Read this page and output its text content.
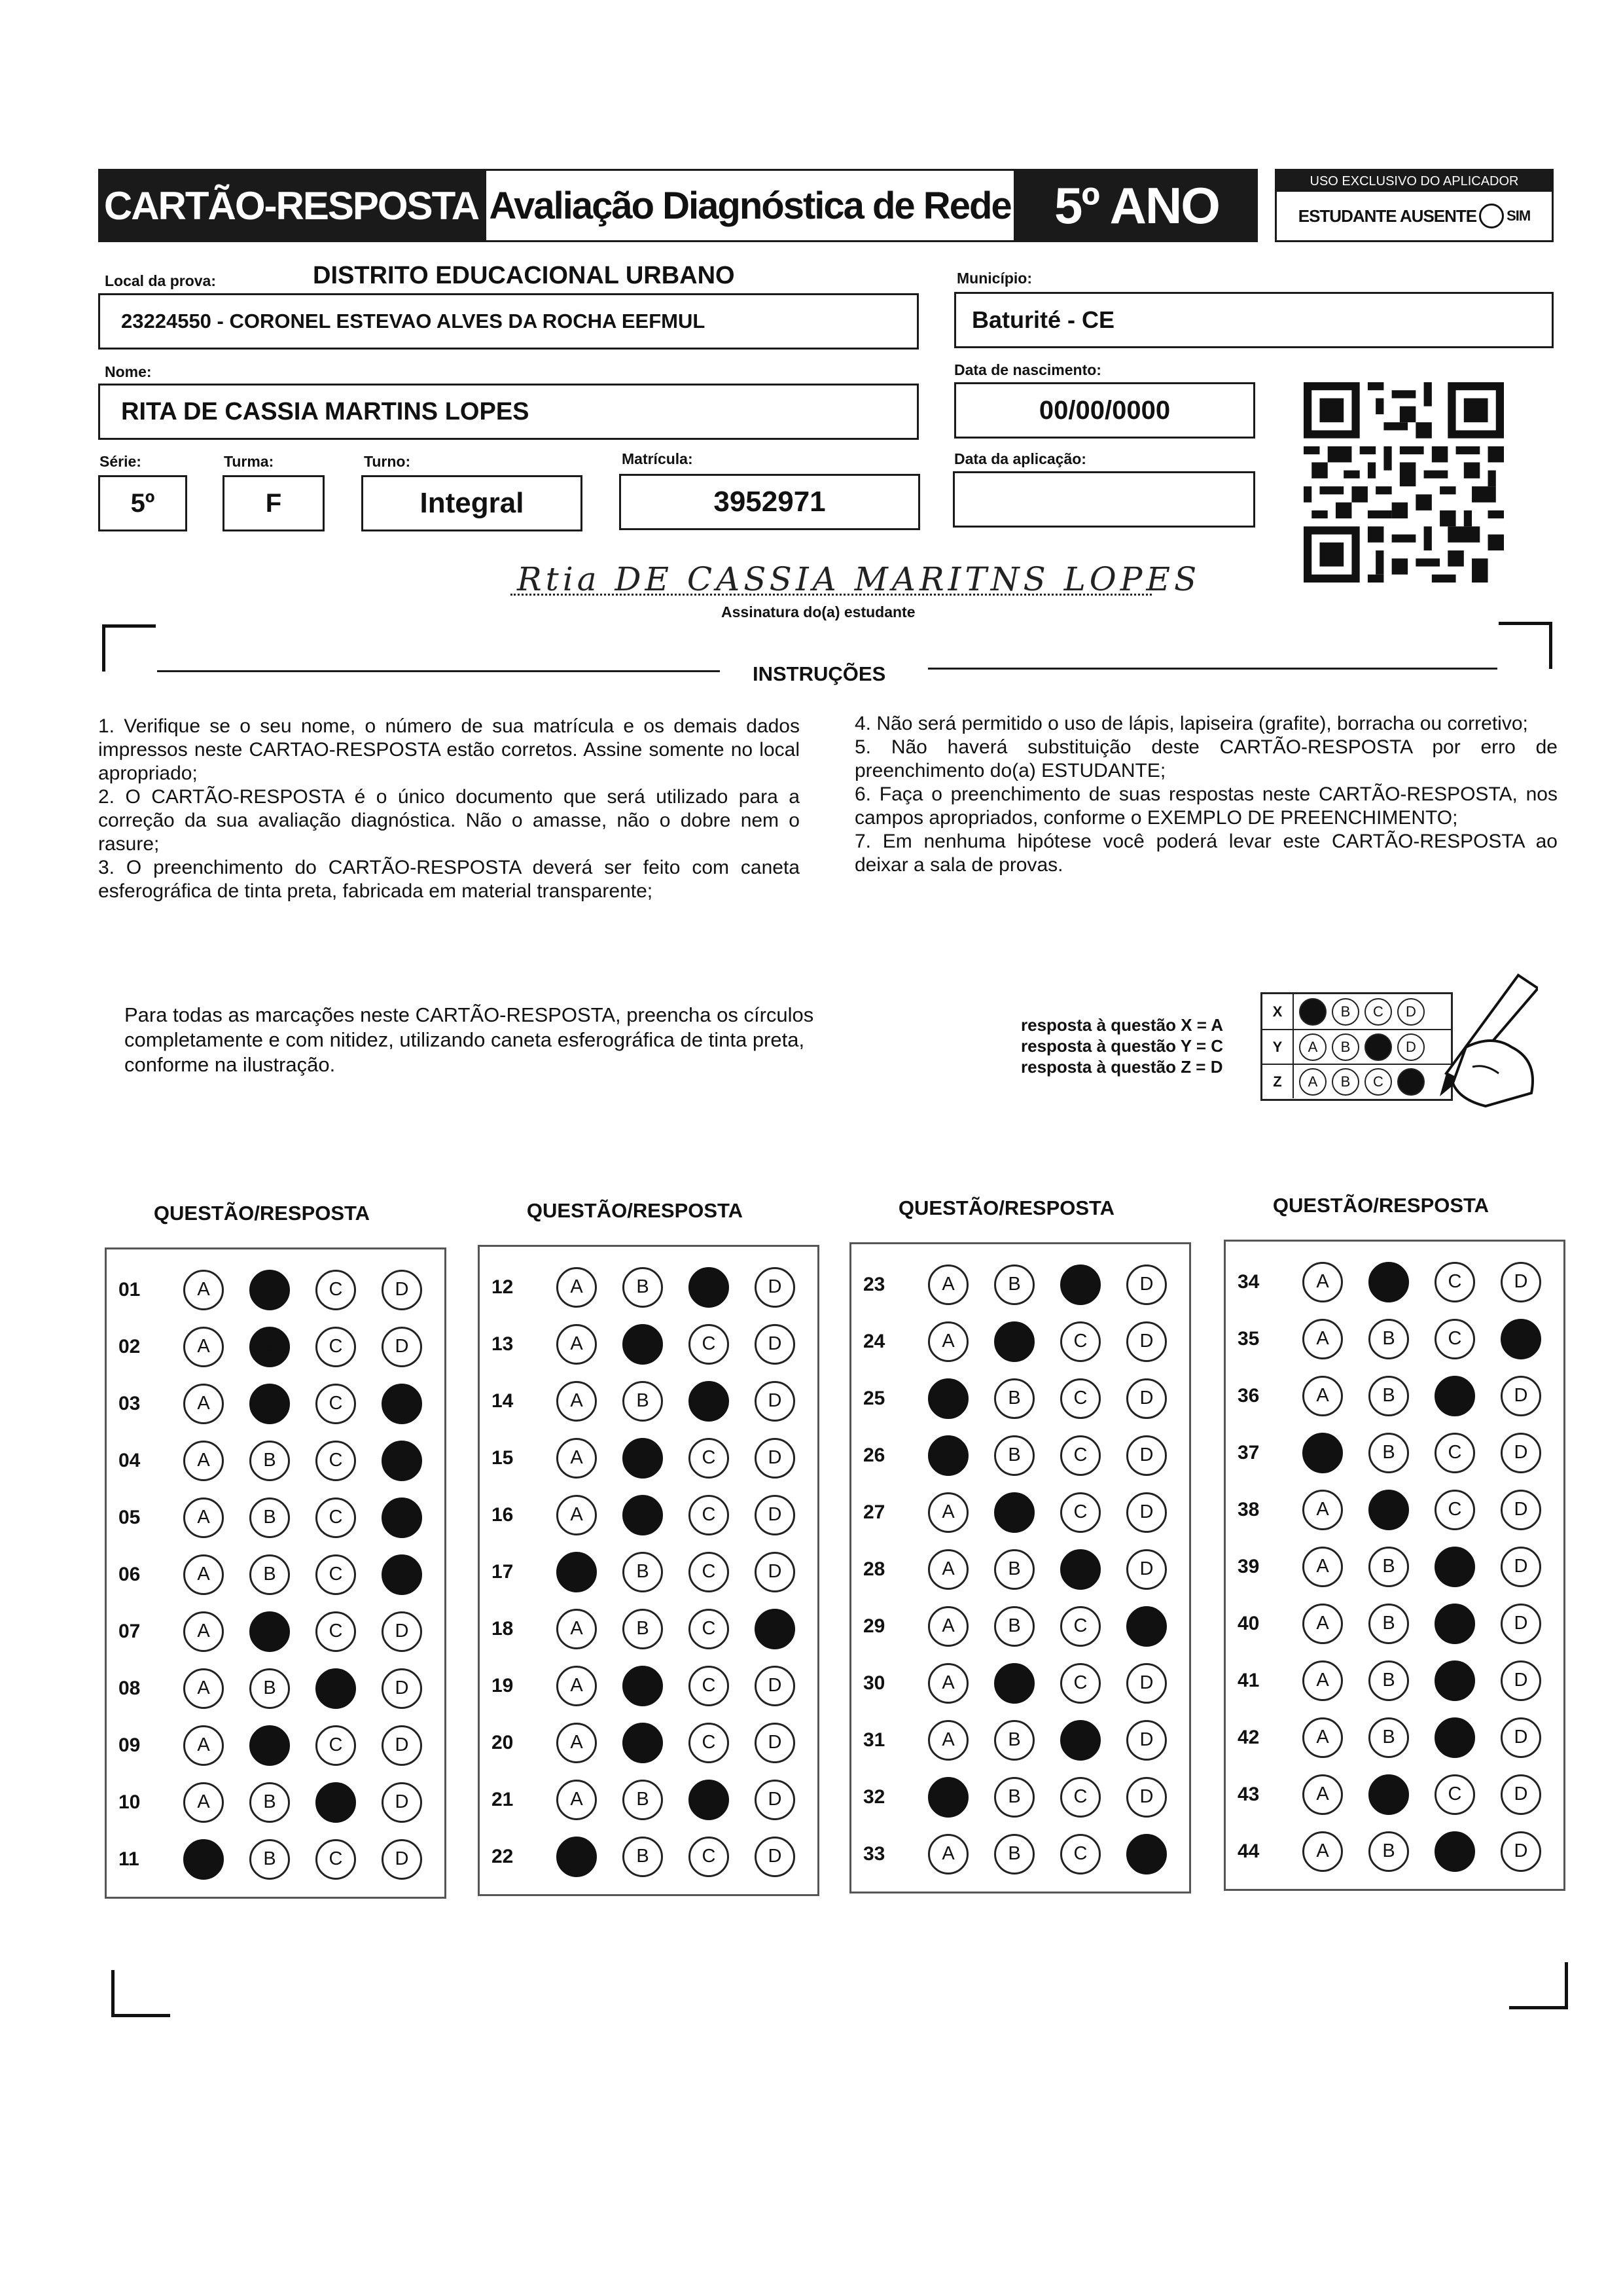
CARTÃO-RESPOSTA Avaliação Diagnóstica de Rede 5º ANO	USO EXCLUSIVO DO APLICADOR
ESTUDANTE AUSENTE SIM
Local da prova:	DISTRITO EDUCACIONAL URBANO
23224550 - CORONEL ESTEVAO ALVES DA ROCHA EEFMUL
Município:
Baturité - CE
Nome:
RITA DE CASSIA MARTINS LOPES
Data de nascimento:
00/00/0000
Série:
5º
Turma:
F
Turno:
Integral
Matrícula:
3952971
Data da aplicação:
Rtia DE CASSIA MARITNS LOPES
Assinatura do(a) estudante
INSTRUÇÕES
1. Verifique se o seu nome, o número de sua matrícula e os demais dados impressos neste CARTAO-RESPOSTA estão corretos. Assine somente no local apropriado;
2. O CARTÃO-RESPOSTA é o único documento que será utilizado para a correção da sua avaliação diagnóstica. Não o amasse, não o dobre nem o rasure;
3. O preenchimento do CARTÃO-RESPOSTA deverá ser feito com caneta esferográfica de tinta preta, fabricada em material transparente;
4. Não será permitido o uso de lápis, lapiseira (grafite), borracha ou corretivo;
5. Não haverá substituição deste CARTÃO-RESPOSTA por erro de preenchimento do(a) ESTUDANTE;
6. Faça o preenchimento de suas respostas neste CARTÃO-RESPOSTA, nos campos apropriados, conforme o EXEMPLO DE PREENCHIMENTO;
7. Em nenhuma hipótese você poderá levar este CARTÃO-RESPOSTA ao deixar a sala de provas.
Para todas as marcações neste CARTÃO-RESPOSTA, preencha os círculos completamente e com nitidez, utilizando caneta esferográfica de tinta preta, conforme na ilustração.
resposta à questão X = A
resposta à questão Y = C
resposta à questão Z = D
X	A	B	C	D
Y	A	B	C	D
Z	A	B	C	D
QUESTÃO/RESPOSTA
01	A	B	C	D
02	A	B	C	D
03	A	B	C	D
04	A	B	C	D
05	A	B	C	D
06	A	B	C	D
07	A	B	C	D
08	A	B	C	D
09	A	B	C	D
10	A	B	C	D
11	A	B	C	D
QUESTÃO/RESPOSTA
12	A	B	C	D
13	A	B	C	D
14	A	B	C	D
15	A	B	C	D
16	A	B	C	D
17	A	B	C	D
18	A	B	C	D
19	A	B	C	D
20	A	B	C	D
21	A	B	C	D
22	A	B	C	D
QUESTÃO/RESPOSTA
23	A	B	C	D
24	A	B	C	D
25	A	B	C	D
26	A	B	C	D
27	A	B	C	D
28	A	B	C	D
29	A	B	C	D
30	A	B	C	D
31	A	B	C	D
32	A	B	C	D
33	A	B	C	D
QUESTÃO/RESPOSTA
34	A	B	C	D
35	A	B	C	D
36	A	B	C	D
37	A	B	C	D
38	A	B	C	D
39	A	B	C	D
40	A	B	C	D
41	A	B	C	D
42	A	B	C	D
43	A	B	C	D
44	A	B	C	D
